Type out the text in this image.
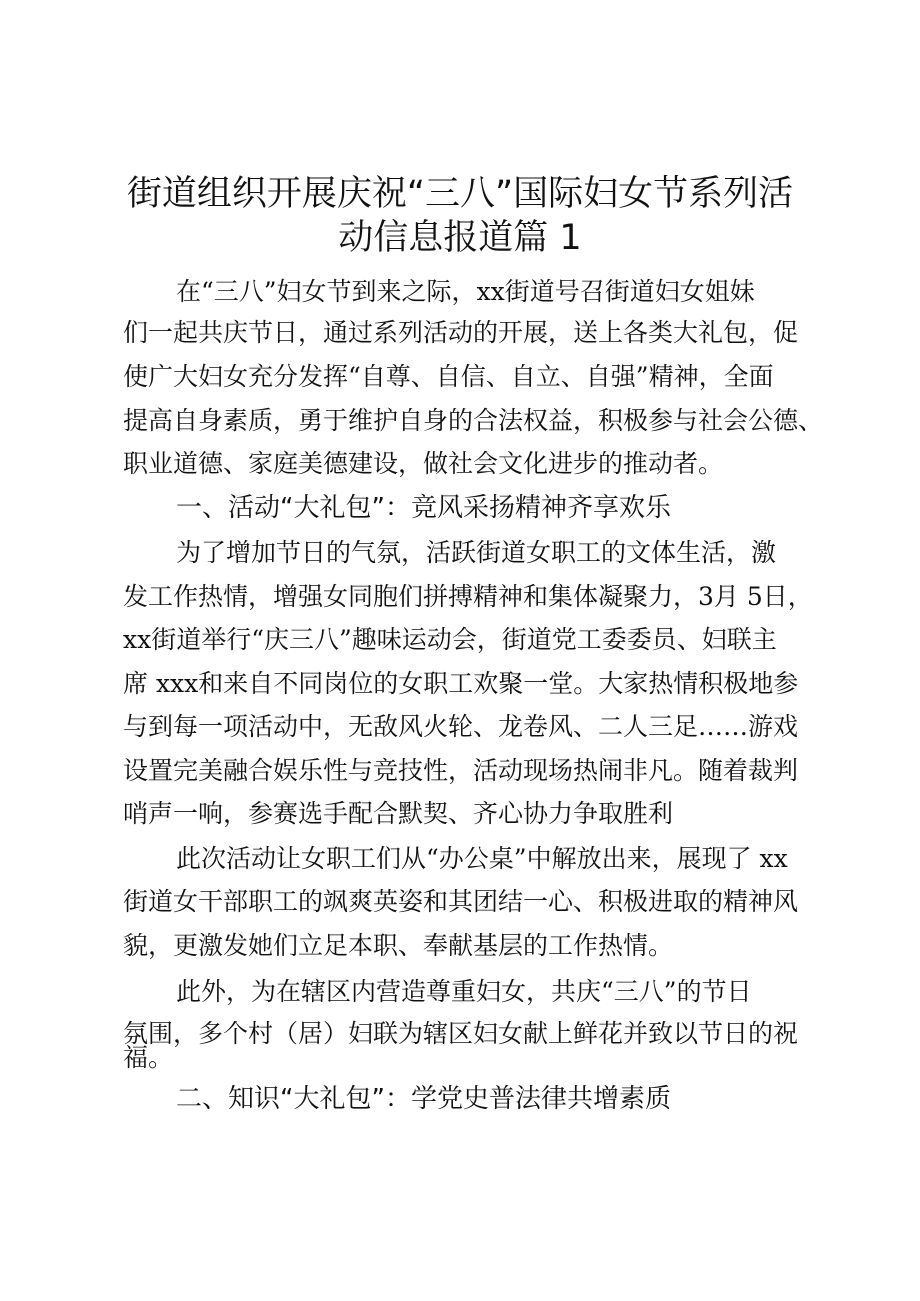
街道组织开展庆祝“三八”国际妇女节系列活
动信息报道篇 1
在“三八”妇女节到来之际，xx街道号召街道妇女姐妹
们一起共庆节日，通过系列活动的开展，送上各类大礼包，促
使广大妇女充分发挥“自尊、自信、自立、自强”精神，全面
提高自身素质，勇于维护自身的合法权益，积极参与社会公德、
职业道德、家庭美德建设，做社会文化进步的推动者。
一、活动“大礼包”：竞风采扬精神齐享欢乐
为了增加节日的气氛，活跃街道女职工的文体生活，激
发工作热情，增强女同胞们拼搏精神和集体凝聚力，3月 5日，
xx街道举行“庆三八”趣味运动会，街道党工委委员、妇联主
席 xxx和来自不同岗位的女职工欢聚一堂。大家热情积极地参
与到每一项活动中，无敌风火轮、龙卷风、二人三足……游戏
设置完美融合娱乐性与竞技性，活动现场热闹非凡。随着裁判
哨声一响，参赛选手配合默契、齐心协力争取胜利
此次活动让女职工们从“办公桌”中解放出来，展现了 xx
街道女干部职工的飒爽英姿和其团结一心、积极进取的精神风
貌，更激发她们立足本职、奉献基层的工作热情。
此外，为在辖区内营造尊重妇女，共庆“三八”的节日
氛围，多个村（居）妇联为辖区妇女献上鲜花并致以节日的祝
福。
二、知识“大礼包”：学党史普法律共增素质
